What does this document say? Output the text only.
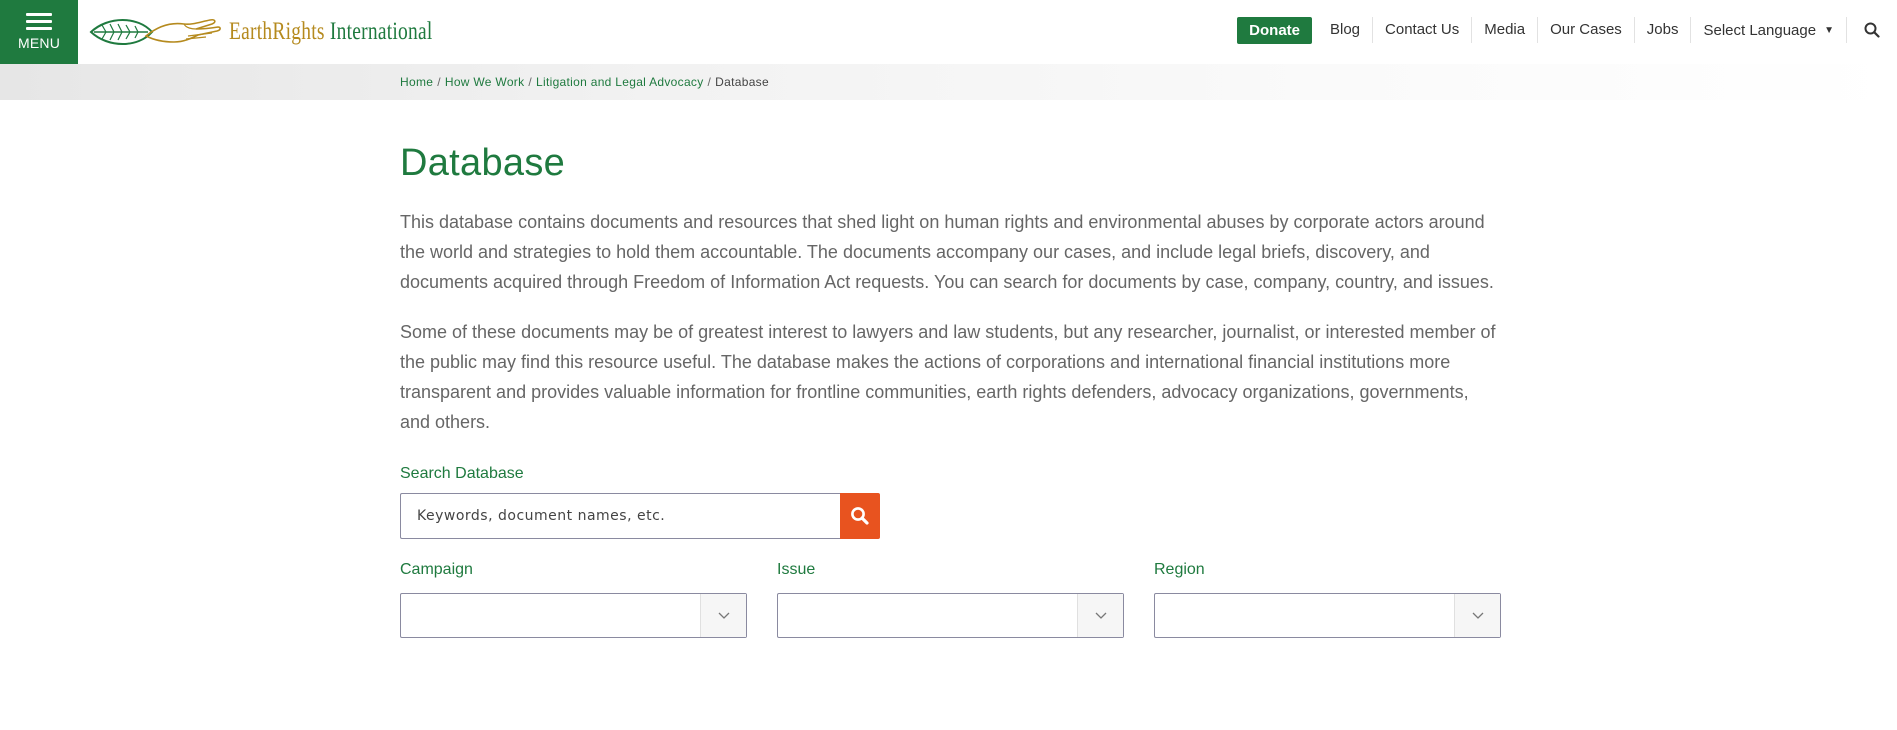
MENU	EarthRights International	Donate	Blog	Contact Us	Media	Our Cases	Jobs	Select Language ▼
Home / How We Work / Litigation and Legal Advocacy / Database
Database

This database contains documents and resources that shed light on human rights and environmental abuses by corporate actors around the world and strategies to hold them accountable. The documents accompany our cases, and include legal briefs, discovery, and documents acquired through Freedom of Information Act requests. You can search for documents by case, company, country, and issues.

Some of these documents may be of greatest interest to lawyers and law students, but any researcher, journalist, or interested member of the public may find this resource useful. The database makes the actions of corporations and international financial institutions more transparent and provides valuable information for frontline communities, earth rights defenders, advocacy organizations, governments, and others.

Search Database
Keywords, document names, etc.
Campaign	Issue	Region
